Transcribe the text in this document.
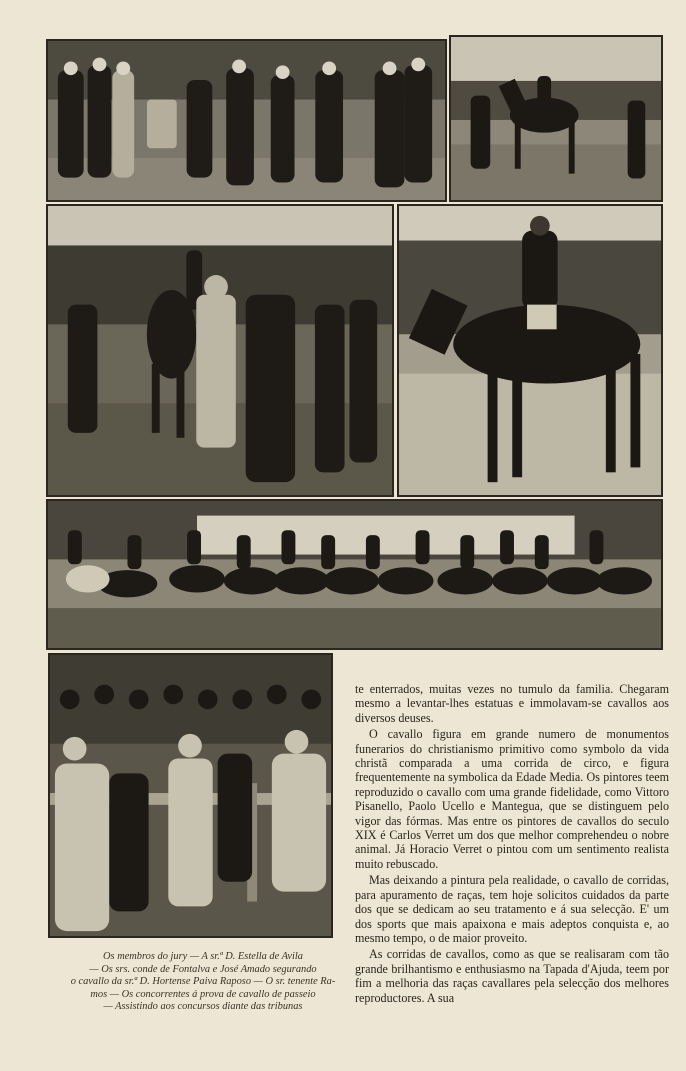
Os membros do jury — A sr.ª D. Estella de Avila
— Os srs. conde de Fontalva e José Amado segurando
o cavallo da sr.ª D. Hortense Paiva Raposo — O sr. tenente Ra-
mos — Os concorrentes á prova de cavallo de passeio
— Assistindo aos concursos diante das tribunas

te enterrados, muitas vezes no tumulo da familia. Chegaram mesmo a levantar-lhes estatuas e immolavam-se cavallos aos diversos deuses.

O cavallo figura em grande numero de monumentos funerarios do christianismo primitivo como symbolo da vida christã comparada a uma corrida de circo, e figura frequentemente na symbolica da Edade Media. Os pintores teem reproduzido o cavallo com uma grande fidelidade, como Vittoro Pisanello, Paolo Ucello e Mantegua, que se distinguem pelo vigor das fórmas. Mas entre os pintores de cavallos do seculo XIX é Carlos Verret um dos que melhor comprehendeu o nobre animal. Já Horacio Verret o pintou com um sentimento realista muito rebuscado.

Mas deixando a pintura pela realidade, o cavallo de corridas, para apuramento de raças, tem hoje solicitos cuidados da parte dos que se dedicam ao seu tratamento e á sua selecção. E' um dos sports que mais apaixona e mais adeptos conquista e, ao mesmo tempo, o de maior proveito.

As corridas de cavallos, como as que se realisaram com tão grande brilhantismo e enthusiasmo na Tapada d'Ajuda, teem por fim a melhoria das raças cavallares pela selecção dos melhores reproductores. A sua
